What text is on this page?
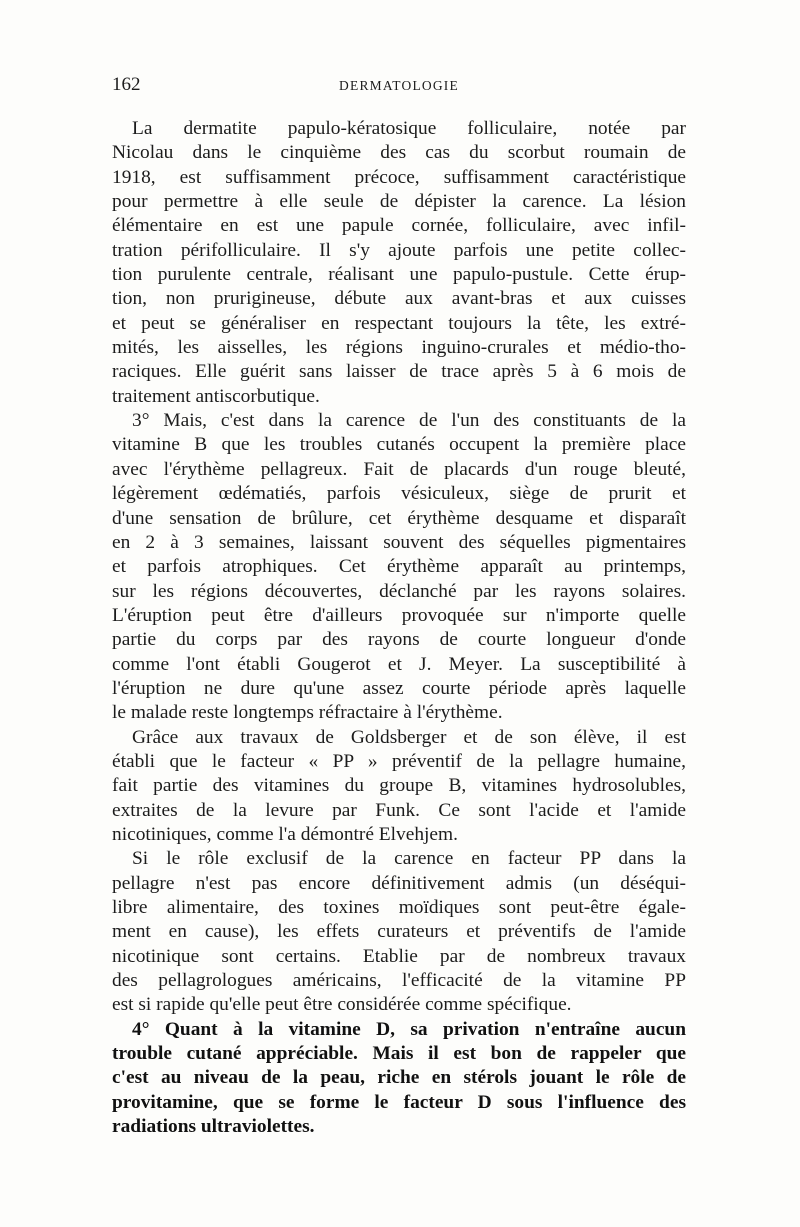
162	DERMATOLOGIE
La dermatite papulo-kératosique folliculaire, notée par
Nicolau dans le cinquième des cas du scorbut roumain de
1918, est suffisamment précoce, suffisamment caractéristique
pour permettre à elle seule de dépister la carence. La lésion
élémentaire en est une papule cornée, folliculaire, avec infil-
tration périfolliculaire. Il s'y ajoute parfois une petite collec-
tion purulente centrale, réalisant une papulo-pustule. Cette érup-
tion, non prurigineuse, débute aux avant-bras et aux cuisses
et peut se généraliser en respectant toujours la tête, les extré-
mités, les aisselles, les régions inguino-crurales et médio-tho-
raciques. Elle guérit sans laisser de trace après 5 à 6 mois de
traitement antiscorbutique.
3° Mais, c'est dans la carence de l'un des constituants de la
vitamine B que les troubles cutanés occupent la première place
avec l'érythème pellagreux. Fait de placards d'un rouge bleuté,
légèrement œdématiés, parfois vésiculeux, siège de prurit et
d'une sensation de brûlure, cet érythème desquame et disparaît
en 2 à 3 semaines, laissant souvent des séquelles pigmentaires
et parfois atrophiques. Cet érythème apparaît au printemps,
sur les régions découvertes, déclanché par les rayons solaires.
L'éruption peut être d'ailleurs provoquée sur n'importe quelle
partie du corps par des rayons de courte longueur d'onde
comme l'ont établi Gougerot et J. Meyer. La susceptibilité à
l'éruption ne dure qu'une assez courte période après laquelle
le malade reste longtemps réfractaire à l'érythème.
Grâce aux travaux de Goldsberger et de son élève, il est
établi que le facteur « PP » préventif de la pellagre humaine,
fait partie des vitamines du groupe B, vitamines hydrosolubles,
extraites de la levure par Funk. Ce sont l'acide et l'amide
nicotiniques, comme l'a démontré Elvehjem.
Si le rôle exclusif de la carence en facteur PP dans la
pellagre n'est pas encore définitivement admis (un déséqui-
libre alimentaire, des toxines moïdiques sont peut-être égale-
ment en cause), les effets curateurs et préventifs de l'amide
nicotinique sont certains. Etablie par de nombreux travaux
des pellagrologues américains, l'efficacité de la vitamine PP
est si rapide qu'elle peut être considérée comme spécifique.
4° Quant à la vitamine D, sa privation n'entraîne aucun
trouble cutané appréciable. Mais il est bon de rappeler que
c'est au niveau de la peau, riche en stérols jouant le rôle de
provitamine, que se forme le facteur D sous l'influence des
radiations ultraviolettes.
